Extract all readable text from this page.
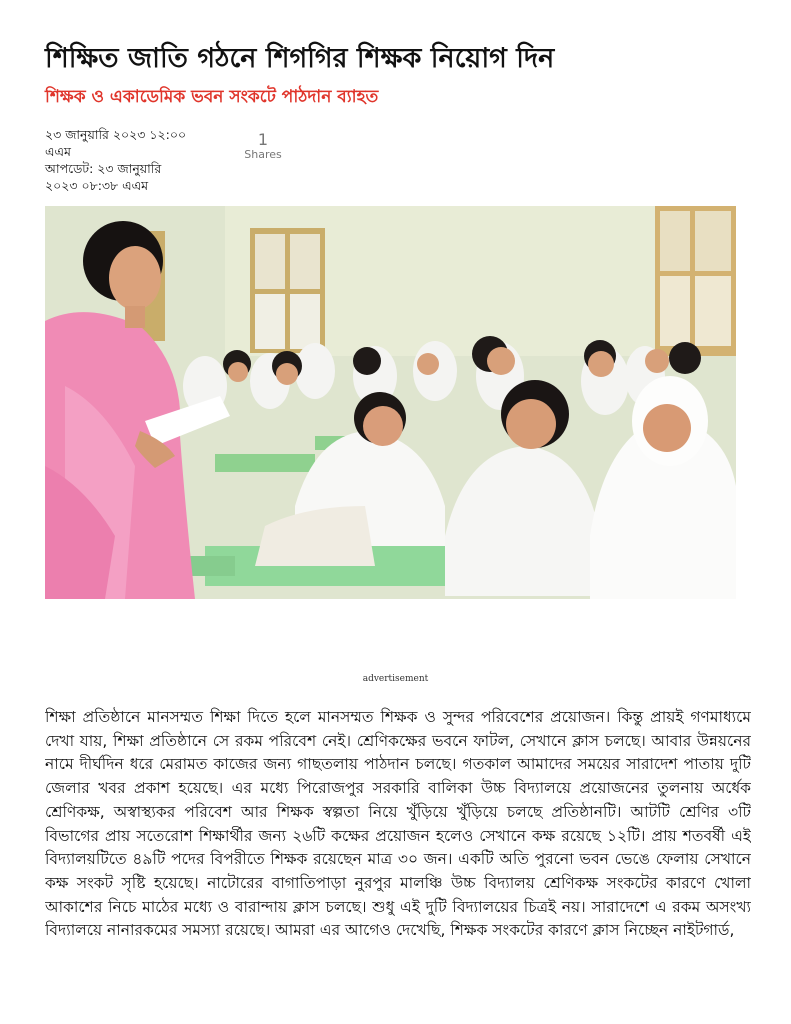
শিক্ষিত জাতি গঠনে শিগগির শিক্ষক নিয়োগ দিন
শিক্ষক ও একাডেমিক ভবন সংকটে পাঠদান ব্যাহত
২৩ জানুয়ারি ২০২৩ ১২:০০
এএম
আপডেট: ২৩ জানুয়ারি
২০২৩ ০৮:৩৮ এএম
1
Shares
advertisement
শিক্ষা প্রতিষ্ঠানে মানসম্মত শিক্ষা দিতে হলে মানসম্মত শিক্ষক ও সুন্দর পরিবেশের প্রয়োজন। কিন্তু প্রায়ই গণমাধ্যমে দেখা যায়, শিক্ষা প্রতিষ্ঠানে সে রকম পরিবেশ নেই। শ্রেণিকক্ষের ভবনে ফাটল, সেখানে ক্লাস চলছে। আবার উন্নয়নের নামে দীর্ঘদিন ধরে মেরামত কাজের জন্য গাছতলায় পাঠদান চলছে। গতকাল আমাদের সময়ের সারাদেশ পাতায় দুটি জেলার খবর প্রকাশ হয়েছে। এর মধ্যে পিরোজপুর সরকারি বালিকা উচ্চ বিদ্যালয়ে প্রয়োজনের তুলনায় অর্ধেক শ্রেণিকক্ষ, অস্বাস্থ্যকর পরিবেশ আর শিক্ষক স্বল্পতা নিয়ে খুঁড়িয়ে খুঁড়িয়ে চলছে প্রতিষ্ঠানটি। আটটি শ্রেণির ৩টি বিভাগের প্রায় সতেরোশ শিক্ষার্থীর জন্য ২৬টি কক্ষের প্রয়োজন হলেও সেখানে কক্ষ রয়েছে ১২টি। প্রায় শতবর্ষী এই বিদ্যালয়টিতে ৪৯টি পদের বিপরীতে শিক্ষক রয়েছেন মাত্র ৩০ জন। একটি অতি পুরনো ভবন ভেঙে ফেলায় সেখানে কক্ষ সংকট সৃষ্টি হয়েছে। নাটোরের বাগাতিপাড়া নুরপুর মালঞ্চি উচ্চ বিদ্যালয় শ্রেণিকক্ষ সংকটের কারণে খোলা আকাশের নিচে মাঠের মধ্যে ও বারান্দায় ক্লাস চলছে। শুধু এই দুটি বিদ্যালয়ের চিত্রই নয়। সারাদেশে এ রকম অসংখ্য বিদ্যালয়ে নানারকমের সমস্যা রয়েছে। আমরা এর আগেও দেখেছি, শিক্ষক সংকটের কারণে ক্লাস নিচ্ছেন নাইটগার্ড,
